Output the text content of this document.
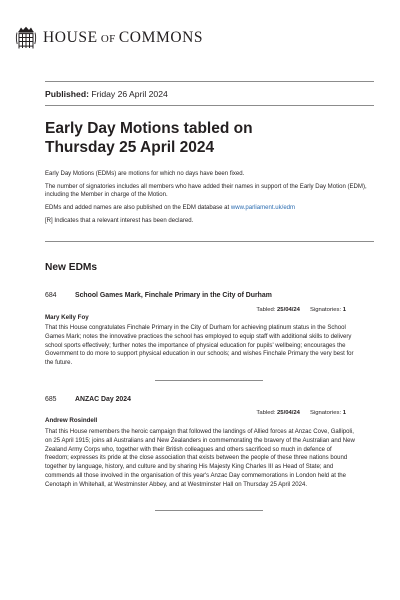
HOUSE OF COMMONS
Published: Friday 26 April 2024
Early Day Motions tabled on
Thursday 25 April 2024

Early Day Motions (EDMs) are motions for which no days have been fixed.

The number of signatories includes all members who have added their names in support of the Early Day Motion (EDM), including the Member in charge of the Motion.

EDMs and added names are also published on the EDM database at www.parliament.uk/edm

[R] Indicates that a relevant interest has been declared.

New EDMs
684	School Games Mark, Finchale Primary in the City of Durham
Tabled: 25/04/24 Signatories: 1
Mary Kelly Foy
That this House congratulates Finchale Primary in the City of Durham for achieving platinum status in the School Games Mark; notes the innovative practices the school has employed to equip staff with additional skills to delivery school sports effectively; further notes the importance of physical education for pupils' wellbeing; encourages the Government to do more to support physical education in our schools; and wishes Finchale Primary the very best for the future.
685	ANZAC Day 2024
Tabled: 25/04/24 Signatories: 1
Andrew Rosindell
That this House remembers the heroic campaign that followed the landings of Allied forces at Anzac Cove, Gallipoli, on 25 April 1915; joins all Australians and New Zealanders in commemorating the bravery of the Australian and New Zealand Army Corps who, together with their British colleagues and others sacrificed so much in defence of freedom; expresses its pride at the close association that exists between the people of these three nations bound together by language, history, and culture and by sharing His Majesty King Charles III as Head of State; and commends all those involved in the organisation of this year's Anzac Day commemorations in London held at the Cenotaph in Whitehall, at Westminster Abbey, and at Westminster Hall on Thursday 25 April 2024.
